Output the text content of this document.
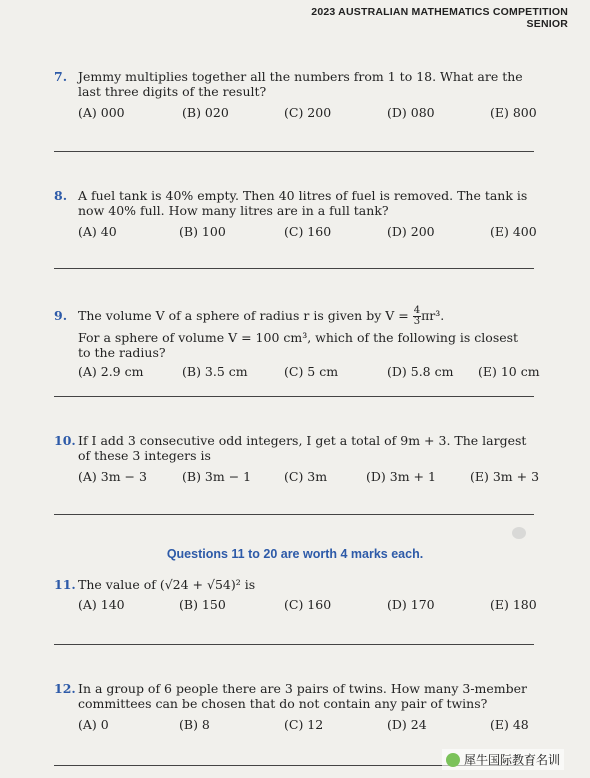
2023 AUSTRALIAN MATHEMATICS COMPETITION
SENIOR
7. Jemmy multiplies together all the numbers from 1 to 18. What are the last three digits of the result?
(A) 000	(B) 020	(C) 200	(D) 080	(E) 800
8. A fuel tank is 40% empty. Then 40 litres of fuel is removed. The tank is now 40% full. How many litres are in a full tank?
(A) 40	(B) 100	(C) 160	(D) 200	(E) 400
9. The volume V of a sphere of radius r is given by $V = \frac{4}{3} \pi r^3$.
For a sphere of volume V = 100 cm³, which of the following is closest to the radius?
(A) 2.9 cm	(B) 3.5 cm	(C) 5 cm	(D) 5.8 cm (E) 10 cm
10. If I add 3 consecutive odd integers, I get a total of 9m + 3. The largest of these 3 integers is
(A) 3m − 3	(B) 3m − 1	(C) 3m	(D) 3m + 1	(E) 3m + 3
Questions 11 to 20 are worth 4 marks each.
11. The value of (√24 + √54)² is
(A) 140	(B) 150	(C) 160	(D) 170	(E) 180
12. In a group of 6 people there are 3 pairs of twins. How many 3-member committees can be chosen that do not contain any pair of twins?
(A) 0	(B) 8	(C) 12	(D) 24	(E) 48
犀牛国际教育名训
